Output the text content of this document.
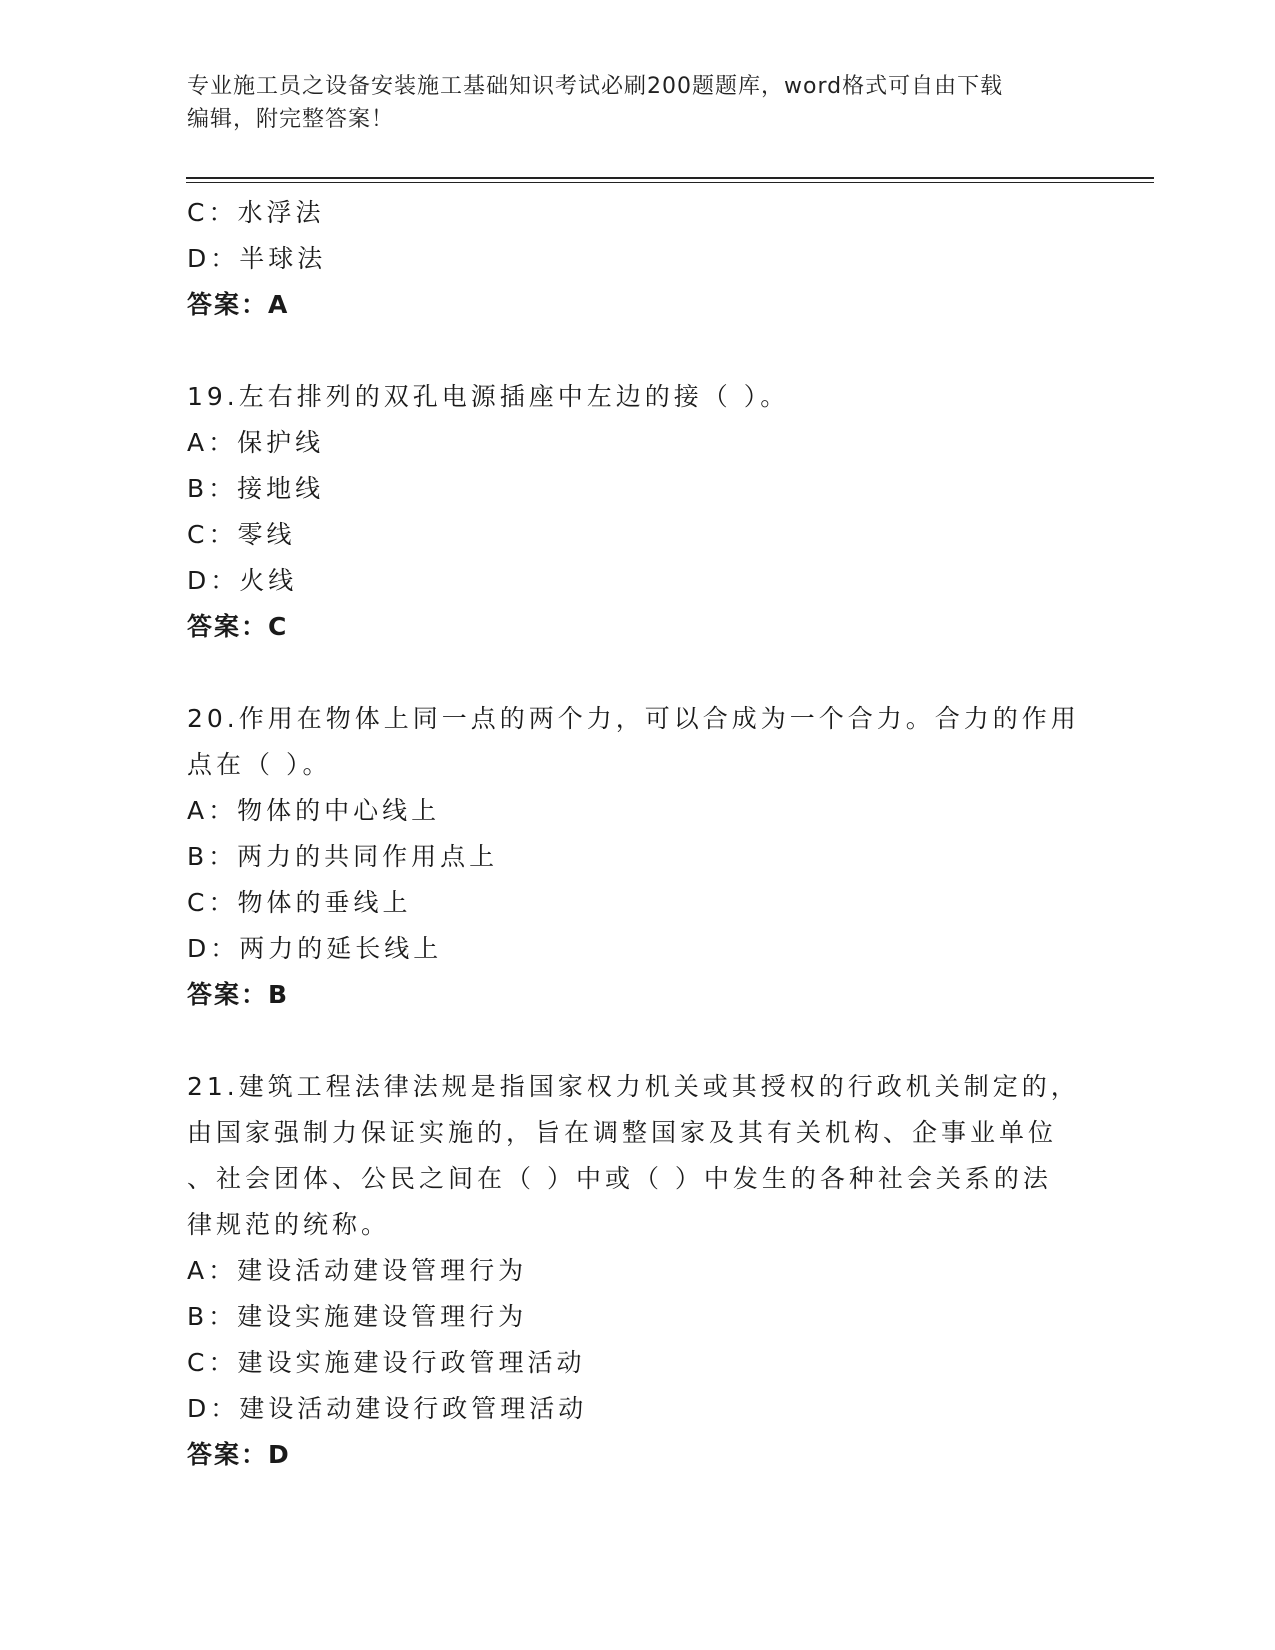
专业施工员之设备安装施工基础知识考试必刷200题题库，word格式可自由下载
编辑，附完整答案！
C：水浮法
D：半球法
答案：A
19.左右排列的双孔电源插座中左边的接（ ）。
A：保护线
B：接地线
C：零线
D：火线
答案：C
20.作用在物体上同一点的两个力，可以合成为一个合力。合力的作用
点在（ ）。
A：物体的中心线上
B：两力的共同作用点上
C：物体的垂线上
D：两力的延长线上
答案：B
21.建筑工程法律法规是指国家权力机关或其授权的行政机关制定的，
由国家强制力保证实施的，旨在调整国家及其有关机构、企事业单位
、社会团体、公民之间在（ ）中或（ ）中发生的各种社会关系的法
律规范的统称。
A：建设活动建设管理行为
B：建设实施建设管理行为
C：建设实施建设行政管理活动
D：建设活动建设行政管理活动
答案：D
